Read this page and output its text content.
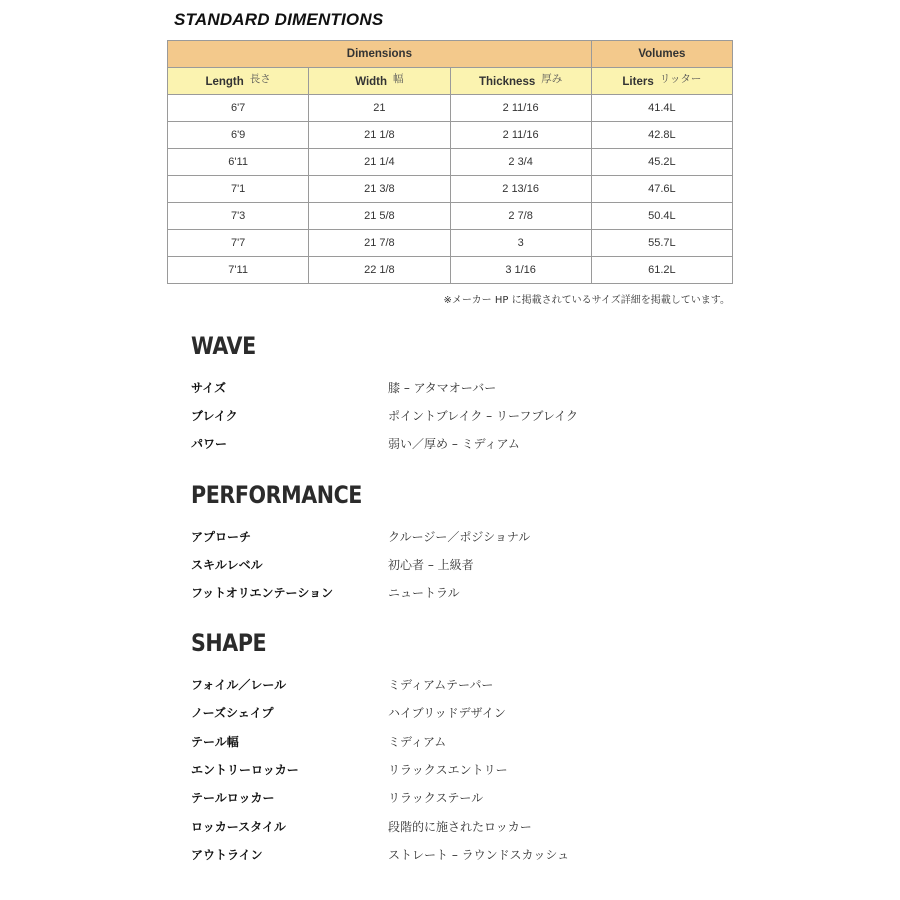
STANDARD DIMENTIONS
Dimensions			Volumes
Length 長さ	Width 幅	Thickness 厚み	Liters リッター
6'7	21	2 11/16	41.4L
6'9	21 1/8	2 11/16	42.8L
6'11	21 1/4	2 3/4	45.2L
7'1	21 3/8	2 13/16	47.6L
7'3	21 5/8	2 7/8	50.4L
7'7	21 7/8	3	55.7L
7'11	22 1/8	3 1/16	61.2L
※メーカー HP に掲載されているサイズ詳細を掲載しています。
WAVE
サイズ	膝 – アタマオーバー
ブレイク	ポイントブレイク – リーフブレイク
パワー	弱い／厚め – ミディアム
PERFORMANCE
アプローチ	クルージー／ポジショナル
スキルレベル	初心者 – 上級者
フットオリエンテーション	ニュートラル
SHAPE
フォイル／レール	ミディアムテーパー
ノーズシェイプ	ハイブリッドデザイン
テール幅	ミディアム
エントリーロッカー	リラックスエントリー
テールロッカー	リラックステール
ロッカースタイル	段階的に施されたロッカー
アウトライン	ストレート – ラウンドスカッシュ
